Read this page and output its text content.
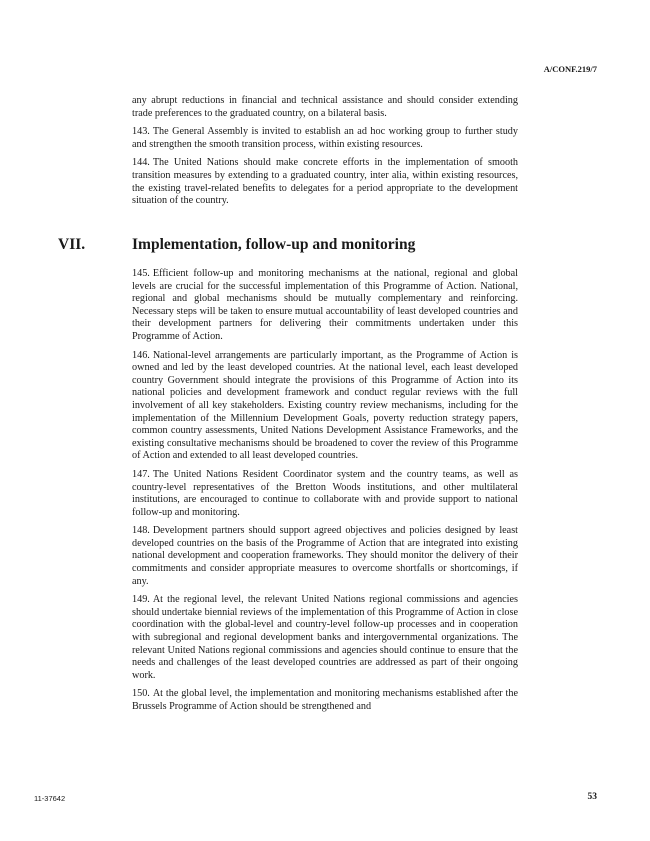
A/CONF.219/7

any abrupt reductions in financial and technical assistance and should consider extending trade preferences to the graduated country, on a bilateral basis.

143. The General Assembly is invited to establish an ad hoc working group to further study and strengthen the smooth transition process, within existing resources.

144. The United Nations should make concrete efforts in the implementation of smooth transition measures by extending to a graduated country, inter alia, within existing resources, the existing travel-related benefits to delegates for a period appropriate to the development situation of the country.

VII.	Implementation, follow-up and monitoring

145. Efficient follow-up and monitoring mechanisms at the national, regional and global levels are crucial for the successful implementation of this Programme of Action. National, regional and global mechanisms should be mutually complementary and reinforcing. Necessary steps will be taken to ensure mutual accountability of least developed countries and their development partners for delivering their commitments undertaken under this Programme of Action.

146. National-level arrangements are particularly important, as the Programme of Action is owned and led by the least developed countries. At the national level, each least developed country Government should integrate the provisions of this Programme of Action into its national policies and development framework and conduct regular reviews with the full involvement of all key stakeholders. Existing country review mechanisms, including for the implementation of the Millennium Development Goals, poverty reduction strategy papers, common country assessments, United Nations Development Assistance Frameworks, and the existing consultative mechanisms should be broadened to cover the review of this Programme of Action and extended to all least developed countries.

147. The United Nations Resident Coordinator system and the country teams, as well as country-level representatives of the Bretton Woods institutions, and other multilateral institutions, are encouraged to continue to collaborate with and provide support to national follow-up and monitoring.

148. Development partners should support agreed objectives and policies designed by least developed countries on the basis of the Programme of Action that are integrated into existing national development and cooperation frameworks. They should monitor the delivery of their commitments and consider appropriate measures to overcome shortfalls or shortcomings, if any.

149. At the regional level, the relevant United Nations regional commissions and agencies should undertake biennial reviews of the implementation of this Programme of Action in close coordination with the global-level and country-level follow-up processes and in cooperation with subregional and regional development banks and intergovernmental organizations. The relevant United Nations regional commissions and agencies should continue to ensure that the needs and challenges of the least developed countries are addressed as part of their ongoing work.

150. At the global level, the implementation and monitoring mechanisms established after the Brussels Programme of Action should be strengthened and

11-37642	53
